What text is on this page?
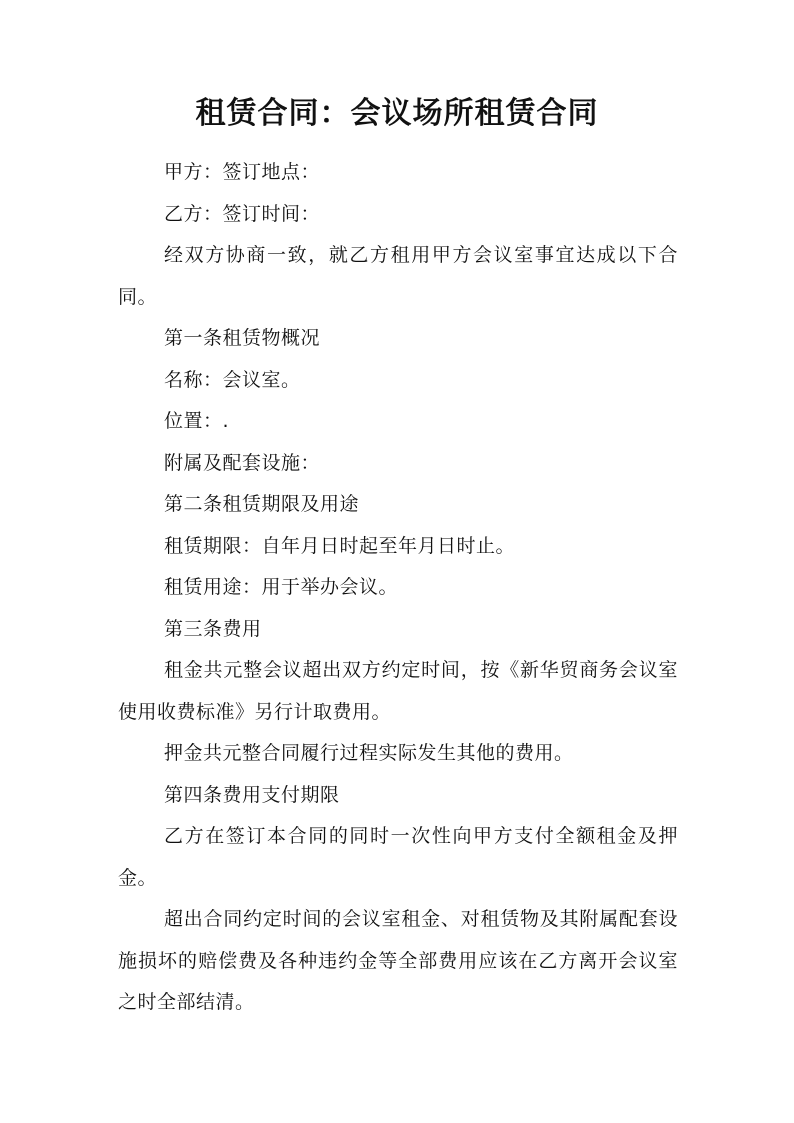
租赁合同：会议场所租赁合同

甲方：签订地点：

乙方：签订时间：

经双方协商一致，就乙方租用甲方会议室事宜达成以下合同。

第一条租赁物概况

名称：会议室。

位置：.

附属及配套设施：

第二条租赁期限及用途

租赁期限：自年月日时起至年月日时止。

租赁用途：用于举办会议。

第三条费用

租金共元整会议超出双方约定时间，按《新华贸商务会议室使用收费标准》另行计取费用。

押金共元整合同履行过程实际发生其他的费用。

第四条费用支付期限

乙方在签订本合同的同时一次性向甲方支付全额租金及押金。

超出合同约定时间的会议室租金、对租赁物及其附属配套设施损坏的赔偿费及各种违约金等全部费用应该在乙方离开会议室之时全部结清。
